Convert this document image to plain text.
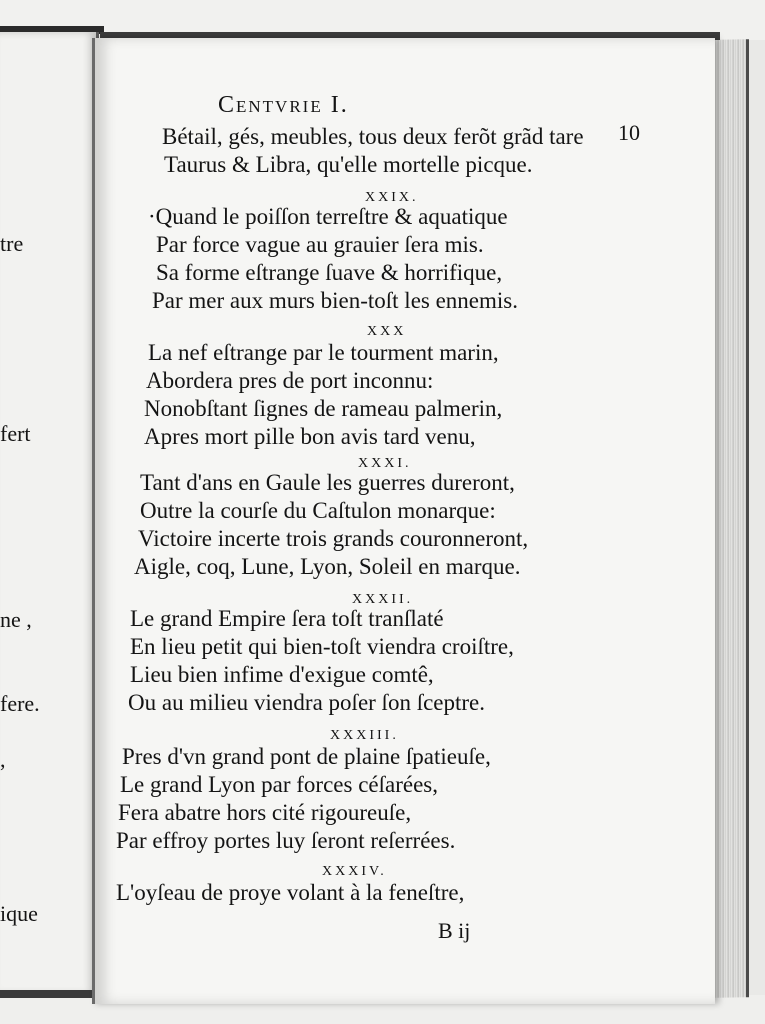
tre
fert
ne ,
fere.
,
ique
Centvrie I.
10
Bétail, gés, meubles, tous deux ferõt grãd tare
Taurus & Libra, qu'elle mortelle picque.
XXIX.
·Quand le poiſſon terreſtre & aquatique
Par force vague au grauier ſera mis.
Sa forme eſtrange ſuave & horrifique,
Par mer aux murs bien-toſt les ennemis.
XXX
La nef eſtrange par le tourment marin,
Abordera pres de port inconnu:
Nonobſtant ſignes de rameau palmerin,
Apres mort pille bon avis tard venu,
XXXI.
Tant d'ans en Gaule les guerres dureront,
Outre la courſe du Caſtulon monarque:
Victoire incerte trois grands couronneront,
Aigle, coq, Lune, Lyon, Soleil en marque.
XXXII.
Le grand Empire ſera toſt tranſlaté
En lieu petit qui bien-toſt viendra croiſtre,
Lieu bien infime d'exigue comtê,
Ou au milieu viendra poſer ſon ſceptre.
XXXIII.
Pres d'vn grand pont de plaine ſpatieuſe,
Le grand Lyon par forces céſarées,
Fera abatre hors cité rigoureuſe,
Par effroy portes luy ſeront reſerrées.
XXXIV.
L'oyſeau de proye volant à la feneſtre,
B ij
